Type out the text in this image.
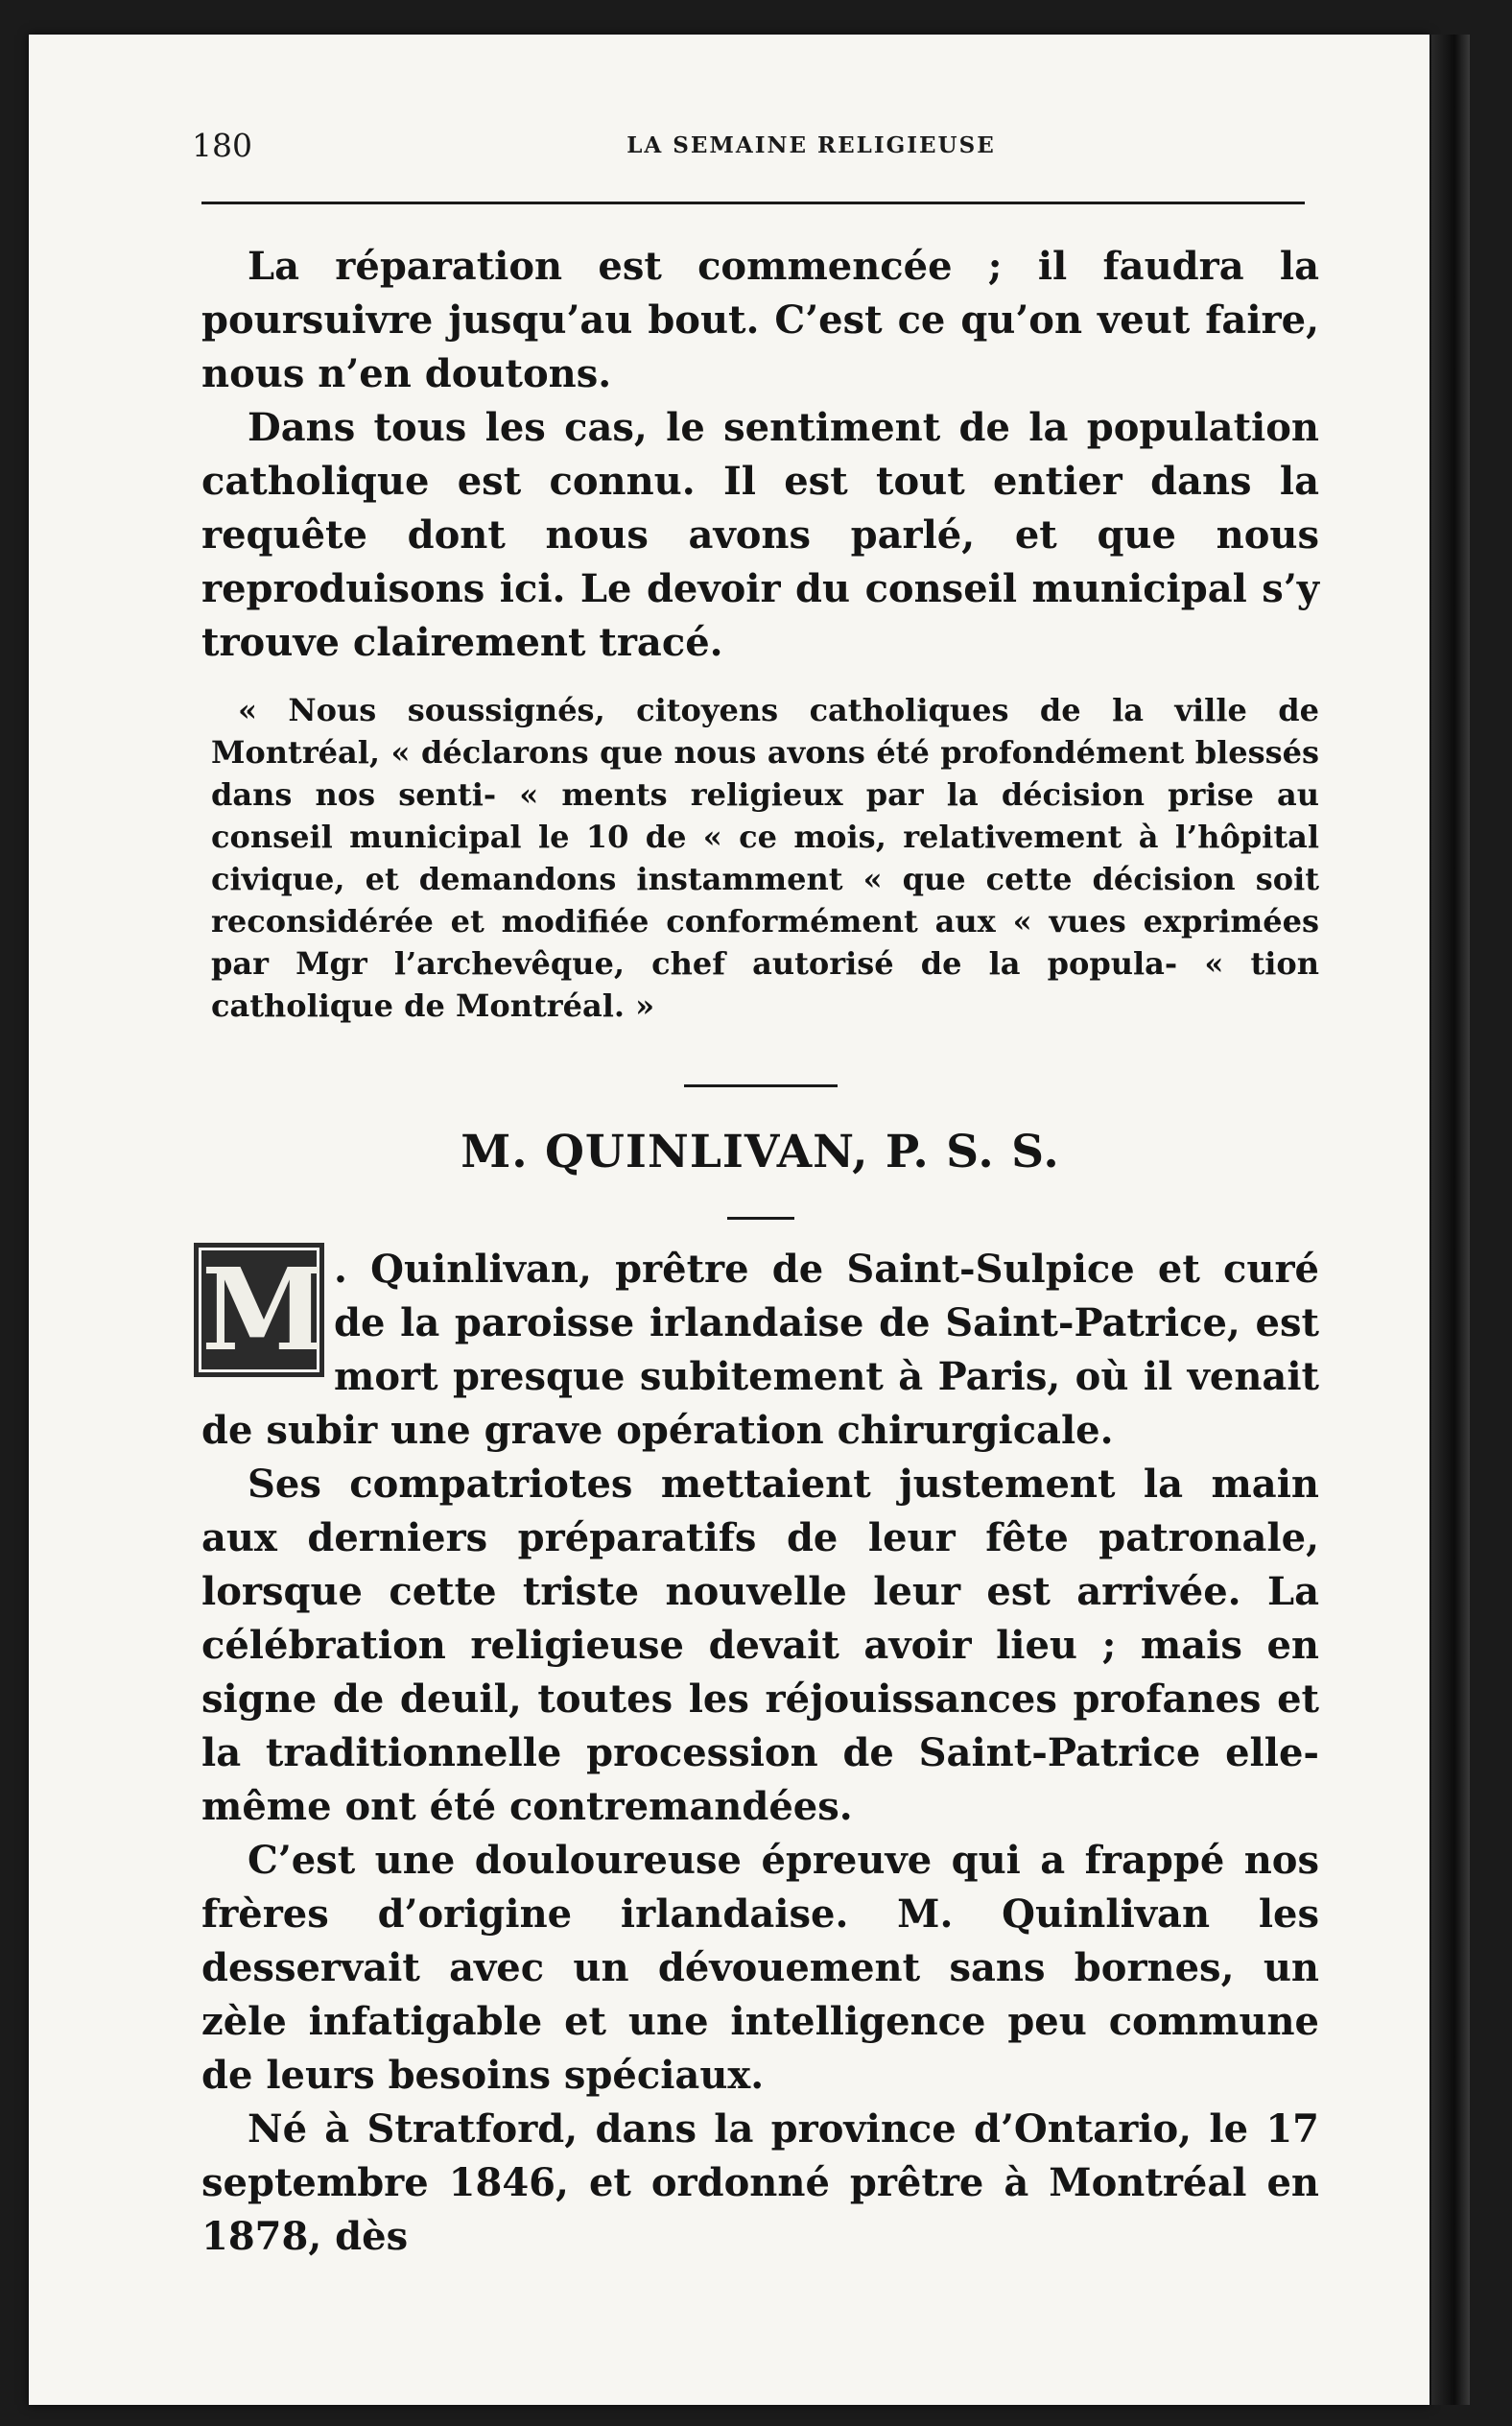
180	LA SEMAINE RELIGIEUSE

La réparation est commencée ; il faudra la poursuivre jusqu’au bout. C’est ce qu’on veut faire, nous n’en doutons.

Dans tous les cas, le sentiment de la population catholique est connu. Il est tout entier dans la requête dont nous avons parlé, et que nous reproduisons ici. Le devoir du conseil municipal s’y trouve clairement tracé.

« Nous soussignés, citoyens catholiques de la ville de Montréal, « déclarons que nous avons été profondément blessés dans nos senti- « ments religieux par la décision prise au conseil municipal le 10 de « ce mois, relativement à l’hôpital civique, et demandons instamment « que cette décision soit reconsidérée et modifiée conformément aux « vues exprimées par Mgr l’archevêque, chef autorisé de la popula- « tion catholique de Montréal. »

M. QUINLIVAN, P. S. S.
M . Quinlivan, prêtre de Saint-Sulpice et curé de la paroisse irlandaise de Saint-Patrice, est mort presque subitement à Paris, où il venait de subir une grave opération chirurgicale.

Ses compatriotes mettaient justement la main aux derniers préparatifs de leur fête patronale, lorsque cette triste nouvelle leur est arrivée. La célébration religieuse devait avoir lieu ; mais en signe de deuil, toutes les réjouissances profanes et la traditionnelle procession de Saint-Patrice elle-même ont été contremandées.

C’est une douloureuse épreuve qui a frappé nos frères d’origine irlandaise. M. Quinlivan les desservait avec un dévouement sans bornes, un zèle infatigable et une intelligence peu commune de leurs besoins spéciaux.

Né à Stratford, dans la province d’Ontario, le 17 septembre 1846, et ordonné prêtre à Montréal en 1878, dès
